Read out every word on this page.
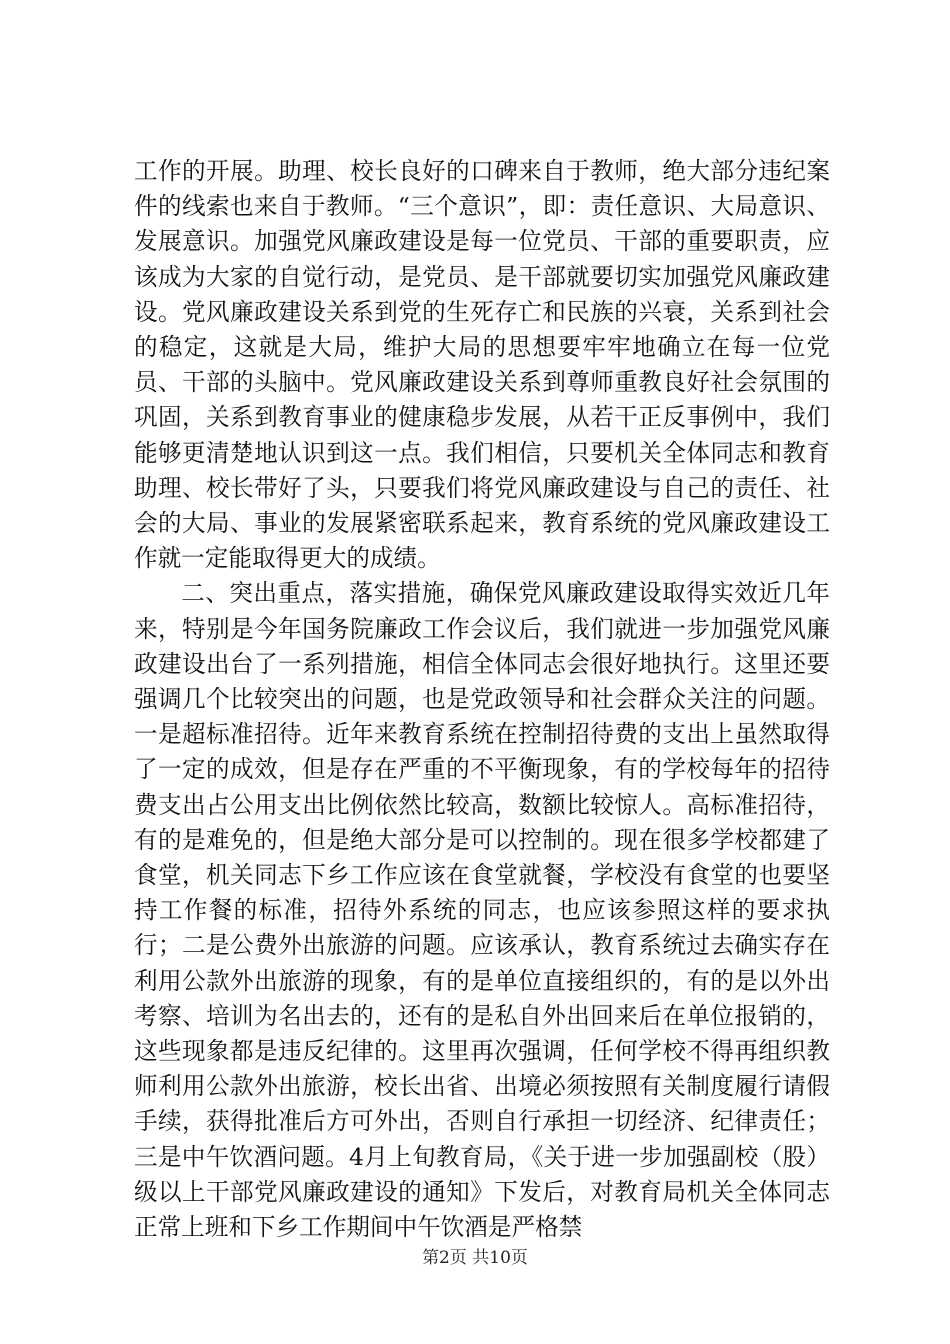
工作的开展。助理、校长良好的口碑来自于教师，绝大部分违纪案件的线索也来自于教师。“三个意识”，即：责任意识、大局意识、发展意识。加强党风廉政建设是每一位党员、干部的重要职责，应该成为大家的自觉行动，是党员、是干部就要切实加强党风廉政建设。党风廉政建设关系到党的生死存亡和民族的兴衰，关系到社会的稳定，这就是大局，维护大局的思想要牢牢地确立在每一位党员、干部的头脑中。党风廉政建设关系到尊师重教良好社会氛围的巩固，关系到教育事业的健康稳步发展，从若干正反事例中，我们能够更清楚地认识到这一点。我们相信，只要机关全体同志和教育助理、校长带好了头，只要我们将党风廉政建设与自己的责任、社会的大局、事业的发展紧密联系起来，教育系统的党风廉政建设工作就一定能取得更大的成绩。

二、突出重点，落实措施，确保党风廉政建设取得实效近几年来，特别是今年国务院廉政工作会议后，我们就进一步加强党风廉政建设出台了一系列措施，相信全体同志会很好地执行。这里还要强调几个比较突出的问题，也是党政领导和社会群众关注的问题。一是超标准招待。近年来教育系统在控制招待费的支出上虽然取得了一定的成效，但是存在严重的不平衡现象，有的学校每年的招待费支出占公用支出比例依然比较高，数额比较惊人。高标准招待，有的是难免的，但是绝大部分是可以控制的。现在很多学校都建了食堂，机关同志下乡工作应该在食堂就餐，学校没有食堂的也要坚持工作餐的标准，招待外系统的同志，也应该参照这样的要求执行；二是公费外出旅游的问题。应该承认，教育系统过去确实存在利用公款外出旅游的现象，有的是单位直接组织的，有的是以外出考察、培训为名出去的，还有的是私自外出回来后在单位报销的，这些现象都是违反纪律的。这里再次强调，任何学校不得再组织教师利用公款外出旅游，校长出省、出境必须按照有关制度履行请假手续，获得批准后方可外出，否则自行承担一切经济、纪律责任；三是中午饮酒问题。4月上旬教育局，《关于进一步加强副校（股）级以上干部党风廉政建设的通知》下发后，对教育局机关全体同志正常上班和下乡工作期间中午饮酒是严格禁

第2页 共10页
